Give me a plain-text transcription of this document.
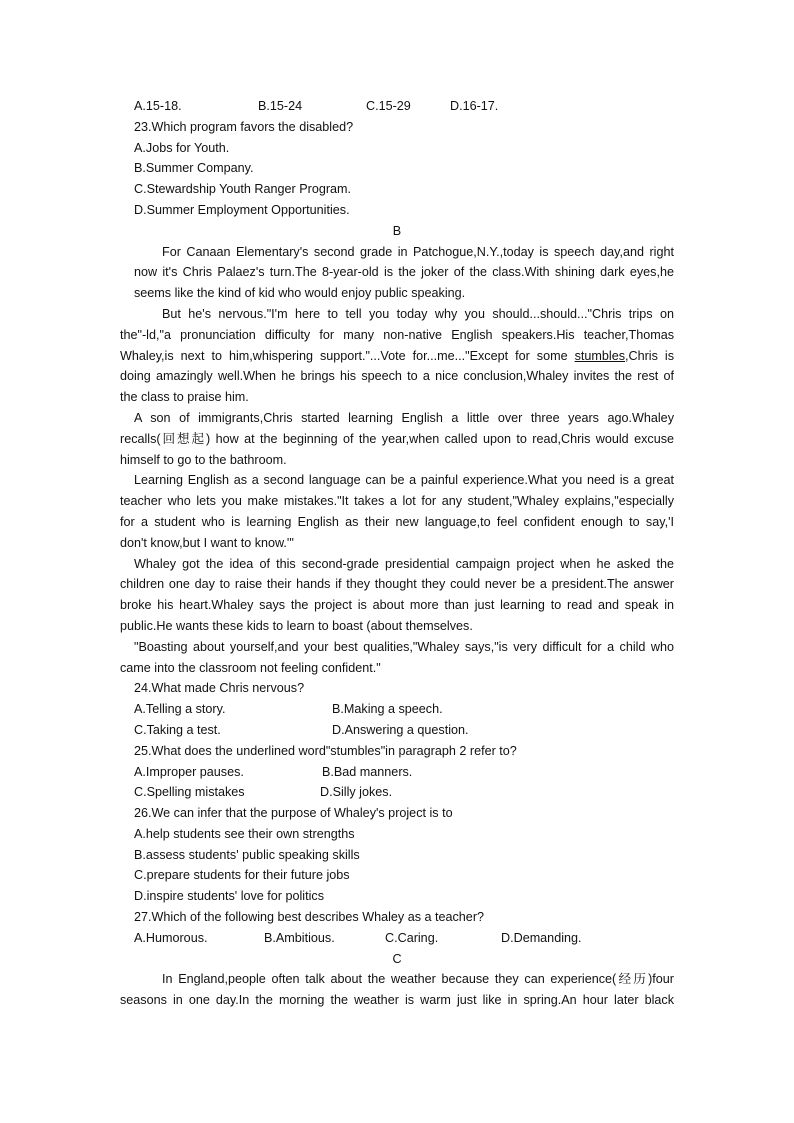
A.15-18.	B.15-24	C.15-29	D.16-17.
23.Which program favors the disabled?
A.Jobs for Youth.
B.Summer Company.
C.Stewardship Youth Ranger Program.
D.Summer Employment Opportunities.
B
For Canaan Elementary's second grade in Patchogue,N.Y.,today is speech day,and right
now it's Chris Palaez's turn.The 8-year-old is the joker of the class.With shining dark eyes,he
seems like the kind of kid who would enjoy public speaking.
But he's nervous."I'm here to tell you today why you should...should..."Chris trips on
the"-ld,"a pronunciation difficulty for many non-native English speakers.His teacher,Thomas
Whaley,is next to him,whispering support."...Vote for...me..."Except for some stumbles,Chris is
doing amazingly well.When he brings his speech to a nice conclusion,Whaley invites the rest of
the class to praise him.
A son of immigrants,Chris started learning English a little over three years ago.Whaley
recalls(回想起) how at the beginning of the year,when called upon to read,Chris would excuse
himself to go to the bathroom.
Learning English as a second language can be a painful experience.What you need is a great
teacher who lets you make mistakes."It takes a lot for any student,"Whaley explains,"especially
for a student who is learning English as their new language,to feel confident enough to say,'I
don't know,but I want to know.'"
Whaley got the idea of this second-grade presidential campaign project when he asked the
children one day to raise their hands if they thought they could never be a president.The answer
broke his heart.Whaley says the project is about more than just learning to read and speak in
public.He wants these kids to learn to boast (about themselves.
"Boasting about yourself,and your best qualities,"Whaley says,"is very difficult for a child who
came into the classroom not feeling confident."
24.What made Chris nervous?
A.Telling a story.	B.Making a speech.
C.Taking a test.	D.Answering a question.
25.What does the underlined word"stumbles"in paragraph 2 refer to?
A.Improper pauses.	B.Bad manners.
C.Spelling mistakes	D.Silly jokes.
26.We can infer that the purpose of Whaley's project is to
A.help students see their own strengths
B.assess students' public speaking skills
C.prepare students for their future jobs
D.inspire students' love for politics
27.Which of the following best describes Whaley as a teacher?
A.Humorous.	B.Ambitious.	C.Caring.	D.Demanding.
C
In England,people often talk about the weather because they can experience(经历)four
seasons in one day.In the morning the weather is warm just like in spring.An hour later black
